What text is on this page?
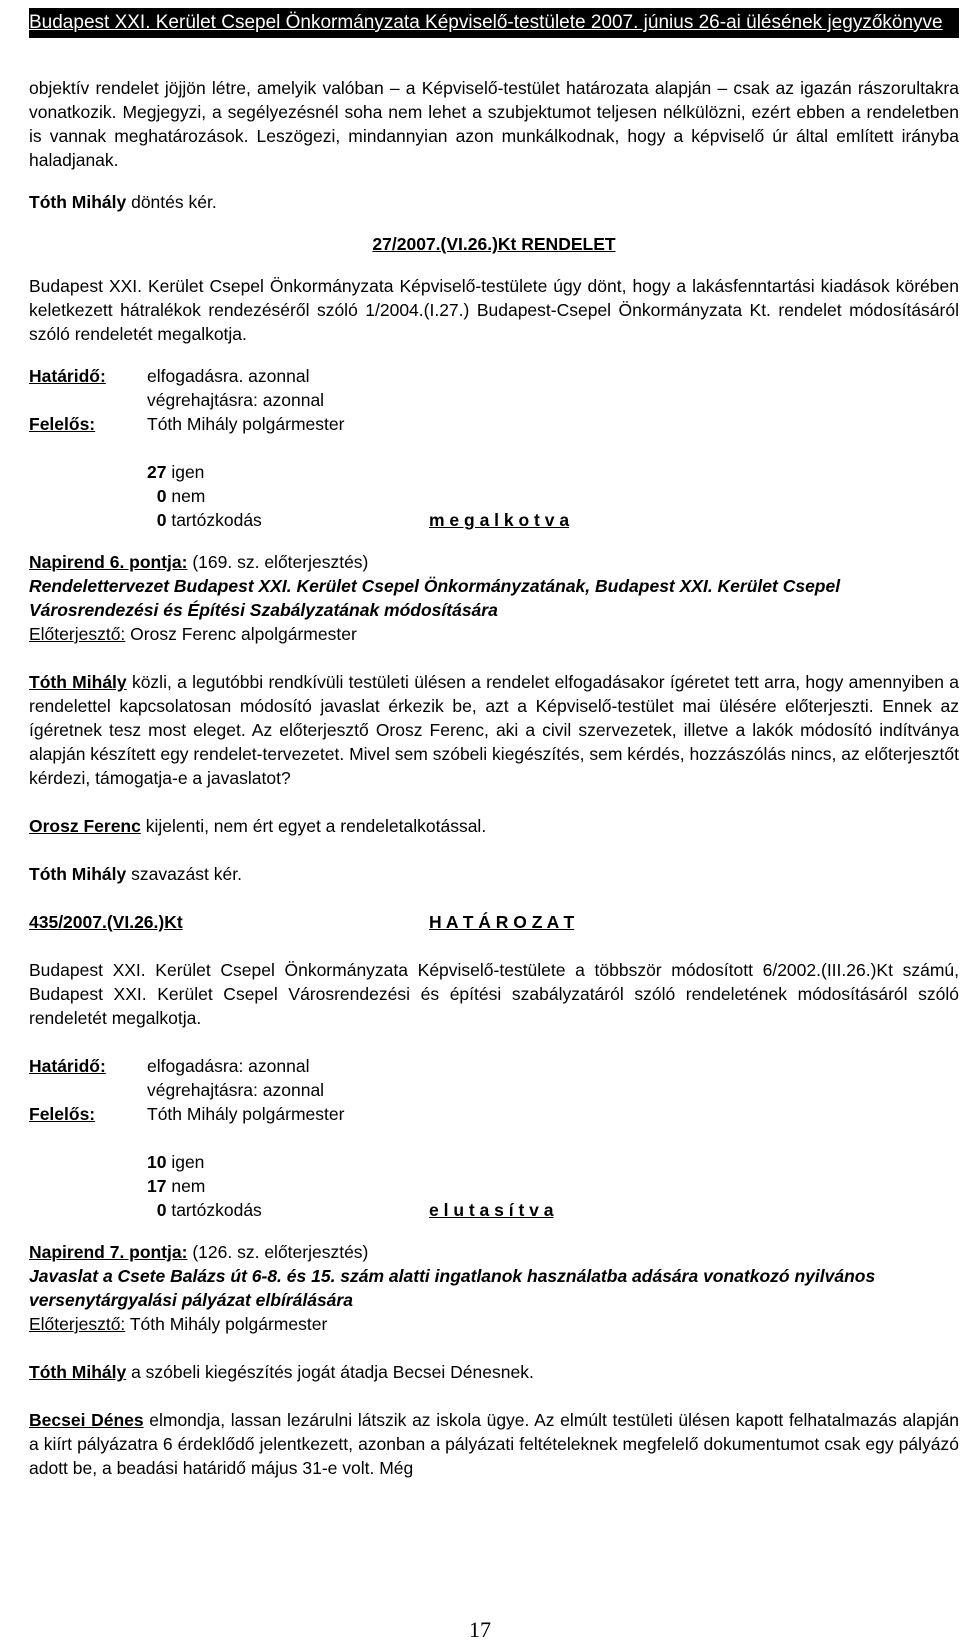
Budapest XXI. Kerület Csepel Önkormányzata Képviselő-testülete 2007. június 26-ai ülésének jegyzőkönyve

objektív rendelet jöjjön létre, amelyik valóban – a Képviselő-testület határozata alapján – csak az igazán rászorultakra vonatkozik. Megjegyzi, a segélyezésnél soha nem lehet a szubjektumot teljesen nélkülözni, ezért ebben a rendeletben is vannak meghatározások. Leszögezi, mindannyian azon munkálkodnak, hogy a képviselő úr által említett irányba haladjanak.

Tóth Mihály döntés kér.

27/2007.(VI.26.)Kt RENDELET

Budapest XXI. Kerület Csepel Önkormányzata Képviselő-testülete úgy dönt, hogy a lakásfenntartási kiadások körében keletkezett hátralékok rendezéséről szóló 1/2004.(I.27.) Budapest-Csepel Önkormányzata Kt. rendelet módosításáról szóló rendeletét megalkotja.

Határidő:	elfogadásra. azonnal
végrehajtásra: azonnal
Felelős:	Tóth Mihály polgármester
27 igen
0 nem
0 tartózkodás	m e g a l k o t v a

Napirend 6. pontja: (169. sz. előterjesztés)

Rendelettervezet Budapest XXI. Kerület Csepel Önkormányzatának, Budapest XXI. Kerület Csepel Városrendezési és Építési Szabályzatának módosítására

Előterjesztő: Orosz Ferenc alpolgármester

Tóth Mihály közli, a legutóbbi rendkívüli testületi ülésen a rendelet elfogadásakor ígéretet tett arra, hogy amennyiben a rendelettel kapcsolatosan módosító javaslat érkezik be, azt a Képviselő-testület mai ülésére előterjeszti. Ennek az ígéretnek tesz most eleget. Az előterjesztő Orosz Ferenc, aki a civil szervezetek, illetve a lakók módosító indítványa alapján készített egy rendelet-tervezetet. Mivel sem szóbeli kiegészítés, sem kérdés, hozzászólás nincs, az előterjesztőt kérdezi, támogatja-e a javaslatot?

Orosz Ferenc kijelenti, nem ért egyet a rendeletalkotással.

Tóth Mihály szavazást kér.

435/2007.(VI.26.)Kt	H A T Á R O Z A T

Budapest XXI. Kerület Csepel Önkormányzata Képviselő-testülete a többször módosított 6/2002.(III.26.)Kt számú, Budapest XXI. Kerület Csepel Városrendezési és építési szabályzatáról szóló rendeletének módosításáról szóló rendeletét megalkotja.

Határidő:	elfogadásra: azonnal
végrehajtásra: azonnal
Felelős:	Tóth Mihály polgármester
10 igen
17 nem
0 tartózkodás	e l u t a s í t v a

Napirend 7. pontja: (126. sz. előterjesztés)

Javaslat a Csete Balázs út 6-8. és 15. szám alatti ingatlanok használatba adására vonatkozó nyilvános versenytárgyalási pályázat elbírálására

Előterjesztő: Tóth Mihály polgármester

Tóth Mihály a szóbeli kiegészítés jogát átadja Becsei Dénesnek.

Becsei Dénes elmondja, lassan lezárulni látszik az iskola ügye. Az elmúlt testületi ülésen kapott felhatalmazás alapján a kiírt pályázatra 6 érdeklődő jelentkezett, azonban a pályázati feltételeknek megfelelő dokumentumot csak egy pályázó adott be, a beadási határidő május 31-e volt. Még

17
